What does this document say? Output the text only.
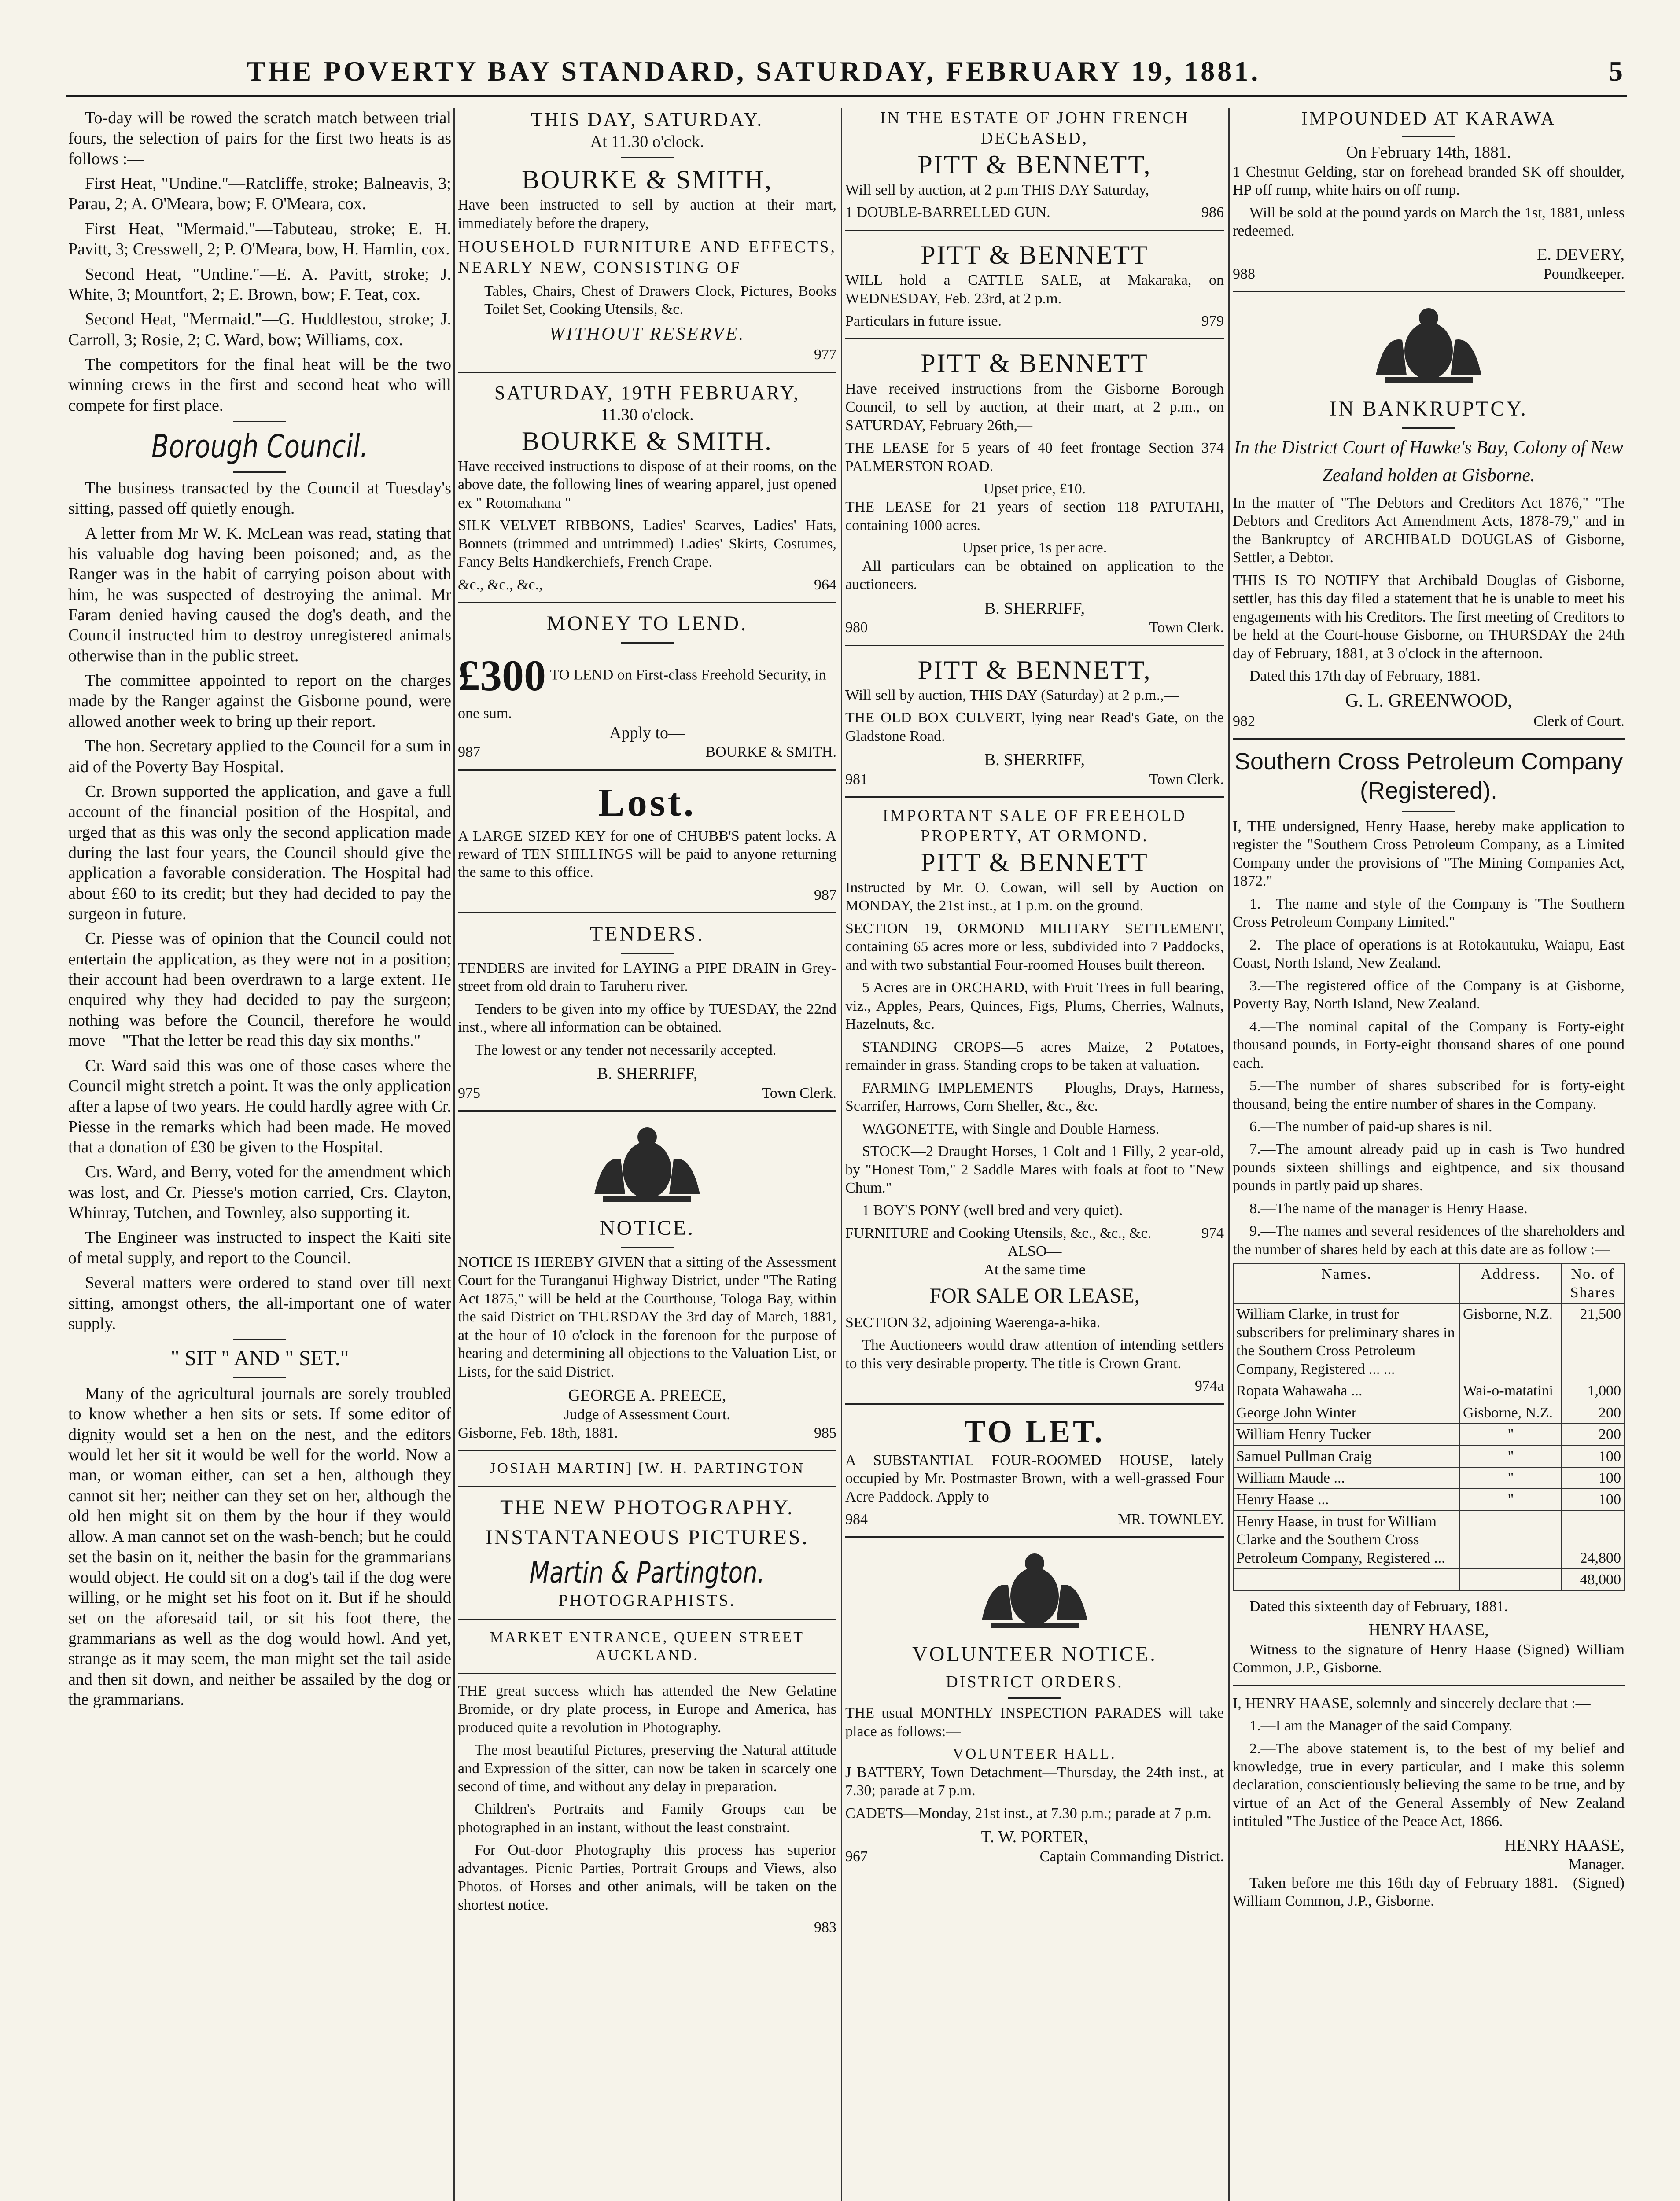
THE POVERTY BAY STANDARD, SATURDAY, FEBRUARY 19, 1881.	5

To-day will be rowed the scratch match between trial fours, the selection of pairs for the first two heats is as follows :—

First Heat, "Undine."—Ratcliffe, stroke; Balneavis, 3; Parau, 2; A. O'Meara, bow; F. O'Meara, cox.

First Heat, "Mermaid."—Tabuteau, stroke; E. H. Pavitt, 3; Cresswell, 2; P. O'Meara, bow, H. Hamlin, cox.

Second Heat, "Undine."—E. A. Pavitt, stroke; J. White, 3; Mountfort, 2; E. Brown, bow; F. Teat, cox.

Second Heat, "Mermaid."—G. Huddlestou, stroke; J. Carroll, 3; Rosie, 2; C. Ward, bow; Williams, cox.

The competitors for the final heat will be the two winning crews in the first and second heat who will compete for first place.

Borough Council.

The business transacted by the Council at Tuesday's sitting, passed off quietly enough.

A letter from Mr W. K. McLean was read, stating that his valuable dog having been poisoned; and, as the Ranger was in the habit of carrying poison about with him, he was suspected of destroying the animal. Mr Faram denied having caused the dog's death, and the Council instructed him to destroy unregistered animals otherwise than in the public street.

The committee appointed to report on the charges made by the Ranger against the Gisborne pound, were allowed another week to bring up their report.

The hon. Secretary applied to the Council for a sum in aid of the Poverty Bay Hospital.

Cr. Brown supported the application, and gave a full account of the financial position of the Hospital, and urged that as this was only the second application made during the last four years, the Council should give the application a favorable consideration. The Hospital had about £60 to its credit; but they had decided to pay the surgeon in future.

Cr. Piesse was of opinion that the Council could not entertain the application, as they were not in a position; their account had been overdrawn to a large extent. He enquired why they had decided to pay the surgeon; nothing was before the Council, therefore he would move—"That the letter be read this day six months."

Cr. Ward said this was one of those cases where the Council might stretch a point. It was the only application after a lapse of two years. He could hardly agree with Cr. Piesse in the remarks which had been made. He moved that a donation of £30 be given to the Hospital.

Crs. Ward, and Berry, voted for the amendment which was lost, and Cr. Piesse's motion carried, Crs. Clayton, Whinray, Tutchen, and Townley, also supporting it.

The Engineer was instructed to inspect the Kaiti site of metal supply, and report to the Council.

Several matters were ordered to stand over till next sitting, amongst others, the all-important one of water supply.

" SIT " AND " SET."

Many of the agricultural journals are sorely troubled to know whether a hen sits or sets. If some editor of dignity would set a hen on the nest, and the editors would let her sit it would be well for the world. Now a man, or woman either, can set a hen, although they cannot sit her; neither can they set on her, although the old hen might sit on them by the hour if they would allow. A man cannot set on the wash-bench; but he could set the basin on it, neither the basin for the grammarians would object. He could sit on a dog's tail if the dog were willing, or he might set his foot on it. But if he should set on the aforesaid tail, or sit his foot there, the grammarians as well as the dog would howl. And yet, strange as it may seem, the man might set the tail aside and then sit down, and neither be assailed by the dog or the grammarians.

THIS DAY, SATURDAY.
At 11.30 o'clock.
BOURKE & SMITH,

Have been instructed to sell by auction at their mart, immediately before the drapery,

HOUSEHOLD FURNITURE AND EFFECTS, NEARLY NEW, CONSISTING OF—

Tables, Chairs, Chest of Drawers Clock, Pictures, Books Toilet Set, Cooking Utensils, &c.

WITHOUT RESERVE.
977
SATURDAY, 19TH FEBRUARY,
11.30 o'clock.
BOURKE & SMITH.

Have received instructions to dispose of at their rooms, on the above date, the following lines of wearing apparel, just opened ex " Rotomahana "—

SILK VELVET RIBBONS, Ladies' Scarves, Ladies' Hats, Bonnets (trimmed and untrimmed) Ladies' Skirts, Costumes, Fancy Belts Handkerchiefs, French Crape.

&c., &c., &c.,	964
MONEY TO LEND.
£300 TO LEND on First-class Freehold Security, in one sum.
Apply to—
987	BOURKE & SMITH.
Lost.

A LARGE SIZED KEY for one of CHUBB'S patent locks. A reward of TEN SHILLINGS will be paid to anyone returning the same to this office.

987
TENDERS.

TENDERS are invited for LAYING a PIPE DRAIN in Grey-street from old drain to Taruheru river.

Tenders to be given into my office by TUESDAY, the 22nd inst., where all information can be obtained.

The lowest or any tender not necessarily accepted.

B. SHERRIFF,
975	Town Clerk.
NOTICE.

NOTICE IS HEREBY GIVEN that a sitting of the Assessment Court for the Turanganui Highway District, under "The Rating Act 1875," will be held at the Courthouse, Tologa Bay, within the said District on THURSDAY the 3rd day of March, 1881, at the hour of 10 o'clock in the forenoon for the purpose of hearing and determining all objections to the Valuation List, or Lists, for the said District.

GEORGE A. PREECE,
Judge of Assessment Court.
Gisborne, Feb. 18th, 1881.	985
JOSIAH MARTIN] [W. H. PARTINGTON
THE NEW PHOTOGRAPHY.
INSTANTANEOUS PICTURES.
Martin & Partington.
PHOTOGRAPHISTS.
MARKET ENTRANCE, QUEEN STREET AUCKLAND.

THE great success which has attended the New Gelatine Bromide, or dry plate process, in Europe and America, has produced quite a revolution in Photography.

The most beautiful Pictures, preserving the Natural attitude and Expression of the sitter, can now be taken in scarcely one second of time, and without any delay in preparation.

Children's Portraits and Family Groups can be photographed in an instant, without the least constraint.

For Out-door Photography this process has superior advantages. Picnic Parties, Portrait Groups and Views, also Photos. of Horses and other animals, will be taken on the shortest notice.

983
IN THE ESTATE OF JOHN FRENCH DECEASED,
PITT & BENNETT,

Will sell by auction, at 2 p.m THIS DAY Saturday,

1 DOUBLE-BARRELLED GUN.	986
PITT & BENNETT

WILL hold a CATTLE SALE, at Makaraka, on WEDNESDAY, Feb. 23rd, at 2 p.m.

Particulars in future issue.	979
PITT & BENNETT

Have received instructions from the Gisborne Borough Council, to sell by auction, at their mart, at 2 p.m., on SATURDAY, February 26th,—

THE LEASE for 5 years of 40 feet frontage Section 374 PALMERSTON ROAD.

Upset price, £10.

THE LEASE for 21 years of section 118 PATUTAHI, containing 1000 acres.

Upset price, 1s per acre.

All particulars can be obtained on application to the auctioneers.

B. SHERRIFF,
980	Town Clerk.
PITT & BENNETT,

Will sell by auction, THIS DAY (Saturday) at 2 p.m.,—

THE OLD BOX CULVERT, lying near Read's Gate, on the Gladstone Road.

B. SHERRIFF,
981	Town Clerk.
IMPORTANT SALE OF FREEHOLD PROPERTY, AT ORMOND.
PITT & BENNETT

Instructed by Mr. O. Cowan, will sell by Auction on MONDAY, the 21st inst., at 1 p.m. on the ground.

SECTION 19, ORMOND MILITARY SETTLEMENT, containing 65 acres more or less, subdivided into 7 Paddocks, and with two substantial Four-roomed Houses built thereon.

5 Acres are in ORCHARD, with Fruit Trees in full bearing, viz., Apples, Pears, Quinces, Figs, Plums, Cherries, Walnuts, Hazelnuts, &c.

STANDING CROPS—5 acres Maize, 2 Potatoes, remainder in grass. Standing crops to be taken at valuation.

FARMING IMPLEMENTS — Ploughs, Drays, Harness, Scarrifer, Harrows, Corn Sheller, &c., &c.

WAGONETTE, with Single and Double Harness.

STOCK—2 Draught Horses, 1 Colt and 1 Filly, 2 year-old, by "Honest Tom," 2 Saddle Mares with foals at foot to "New Chum."

1 BOY'S PONY (well bred and very quiet).

FURNITURE and Cooking Utensils, &c., &c., &c.	974
ALSO—
At the same time
FOR SALE OR LEASE,

SECTION 32, adjoining Waerenga-a-hika.

The Auctioneers would draw attention of intending settlers to this very desirable property. The title is Crown Grant.

974a
TO LET.

A SUBSTANTIAL FOUR-ROOMED HOUSE, lately occupied by Mr. Postmaster Brown, with a well-grassed Four Acre Paddock. Apply to—

984	MR. TOWNLEY.
VOLUNTEER NOTICE.
DISTRICT ORDERS.

THE usual MONTHLY INSPECTION PARADES will take place as follows:—

VOLUNTEER HALL.

J BATTERY, Town Detachment—Thursday, the 24th inst., at 7.30; parade at 7 p.m.

CADETS—Monday, 21st inst., at 7.30 p.m.; parade at 7 p.m.

T. W. PORTER,
967	Captain Commanding District.
IMPOUNDED AT KARAWA
On February 14th, 1881.

1 Chestnut Gelding, star on forehead branded SK off shoulder, HP off rump, white hairs on off rump.

Will be sold at the pound yards on March the 1st, 1881, unless redeemed.

E. DEVERY,
988	Poundkeeper.
IN BANKRUPTCY.

In the District Court of Hawke's Bay, Colony of New Zealand holden at Gisborne.

In the matter of "The Debtors and Creditors Act 1876," "The Debtors and Creditors Act Amendment Acts, 1878-79," and in the Bankruptcy of ARCHIBALD DOUGLAS of Gisborne, Settler, a Debtor.

THIS IS TO NOTIFY that Archibald Douglas of Gisborne, settler, has this day filed a statement that he is unable to meet his engagements with his Creditors. The first meeting of Creditors to be held at the Court-house Gisborne, on THURSDAY the 24th day of February, 1881, at 3 o'clock in the afternoon.

Dated this 17th day of February, 1881.

G. L. GREENWOOD,
982	Clerk of Court.
Southern Cross Petroleum Company (Registered).

I, THE undersigned, Henry Haase, hereby make application to register the "Southern Cross Petroleum Company, as a Limited Company under the provisions of "The Mining Companies Act, 1872."

1.—The name and style of the Company is "The Southern Cross Petroleum Company Limited."

2.—The place of operations is at Rotokautuku, Waiapu, East Coast, North Island, New Zealand.

3.—The registered office of the Company is at Gisborne, Poverty Bay, North Island, New Zealand.

4.—The nominal capital of the Company is Forty-eight thousand pounds, in Forty-eight thousand shares of one pound each.

5.—The number of shares subscribed for is forty-eight thousand, being the entire number of shares in the Company.

6.—The number of paid-up shares is nil.

7.—The amount already paid up in cash is Two hundred pounds sixteen shillings and eightpence, and six thousand pounds in partly paid up shares.

8.—The name of the manager is Henry Haase.

9.—The names and several residences of the shareholders and the number of shares held by each at this date are as follow :—

Names.	Address.	No. of Shares
William Clarke, in trust for subscribers for preliminary shares in the Southern Cross Petroleum Company, Registered ... ...	Gisborne, N.Z.	21,500
Ropata Wahawaha ...	Wai-o-matatini	1,000
George John Winter	Gisborne, N.Z.	200
William Henry Tucker	"	200
Samuel Pullman Craig	"	100
William Maude ...	"	100
Henry Haase ...	"	100
Henry Haase, in trust for William Clarke and the Southern Cross Petroleum Company, Registered ...		24,800
		48,000

Dated this sixteenth day of February, 1881.

HENRY HAASE,

Witness to the signature of Henry Haase (Signed) William Common, J.P., Gisborne.

I, HENRY HAASE, solemnly and sincerely declare that :—

1.—I am the Manager of the said Company.

2.—The above statement is, to the best of my belief and knowledge, true in every particular, and I make this solemn declaration, conscientiously believing the same to be true, and by virtue of an Act of the General Assembly of New Zealand intituled "The Justice of the Peace Act, 1866.

HENRY HAASE,
Manager.

Taken before me this 16th day of February 1881.—(Signed) William Common, J.P., Gisborne.
